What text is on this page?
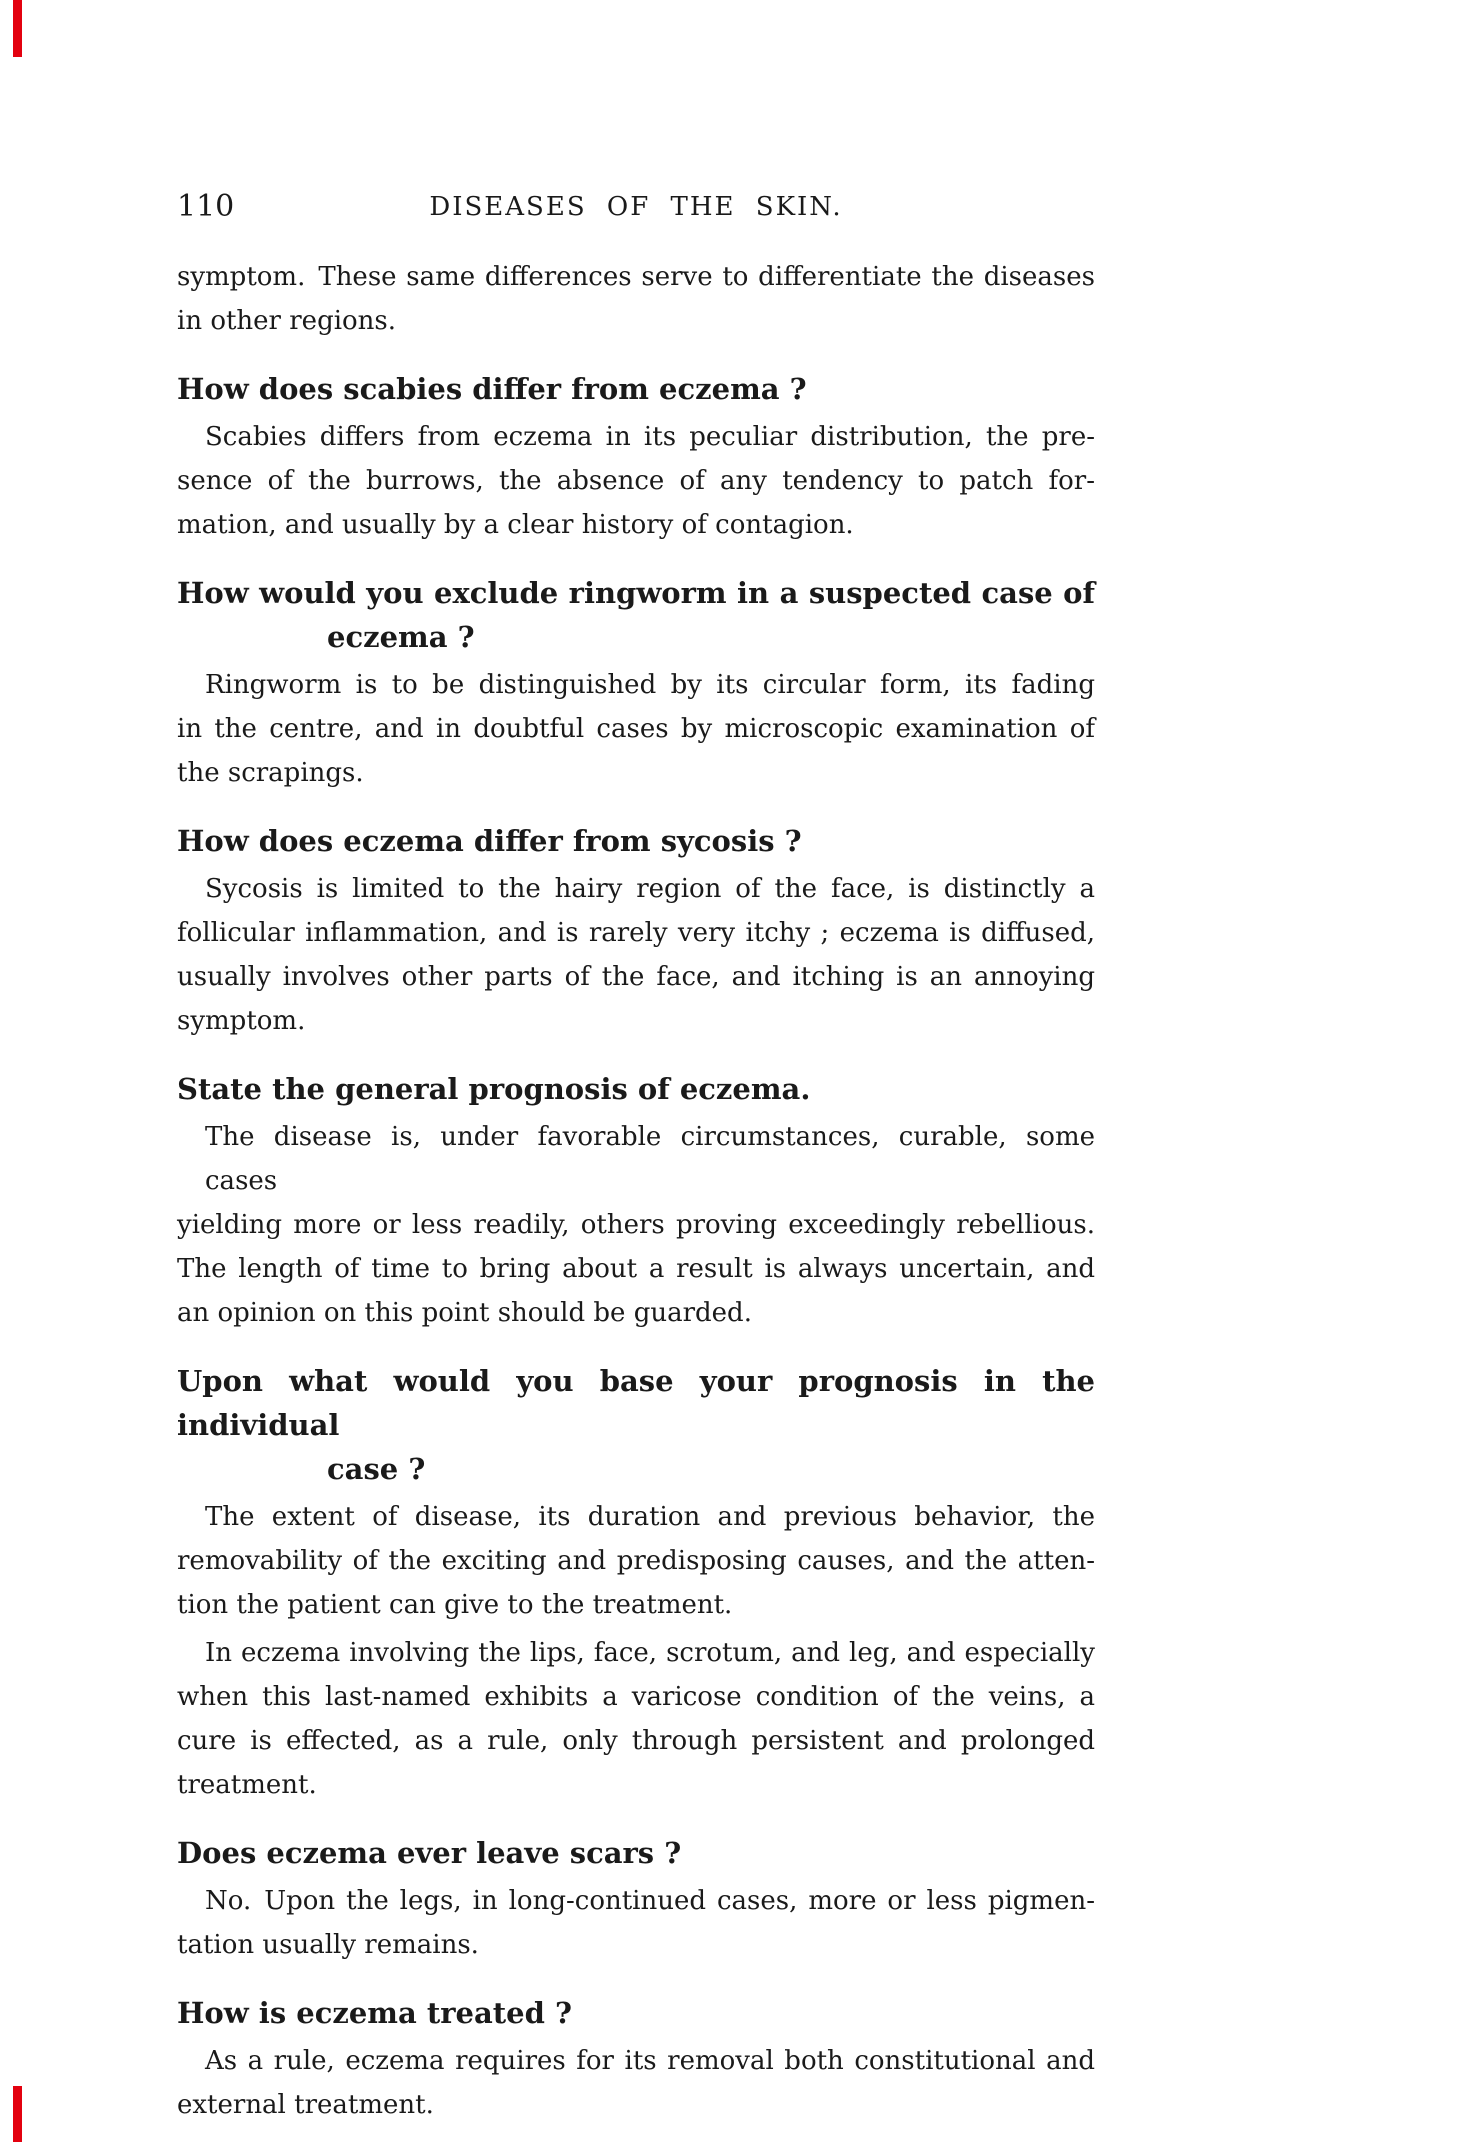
110	DISEASES OF THE SKIN.
symptom. These same differences serve to differentiate the diseases
in other regions.
How does scabies differ from eczema ?
Scabies differs from eczema in its peculiar distribution, the pre-
sence of the burrows, the absence of any tendency to patch for-
mation, and usually by a clear history of contagion.
How would you exclude ringworm in a suspected case of
eczema ?
Ringworm is to be distinguished by its circular form, its fading
in the centre, and in doubtful cases by microscopic examination of
the scrapings.
How does eczema differ from sycosis ?
Sycosis is limited to the hairy region of the face, is distinctly a
follicular inflammation, and is rarely very itchy ; eczema is diffused,
usually involves other parts of the face, and itching is an annoying
symptom.
State the general prognosis of eczema.
The disease is, under favorable circumstances, curable, some cases
yielding more or less readily, others proving exceedingly rebellious.
The length of time to bring about a result is always uncertain, and
an opinion on this point should be guarded.
Upon what would you base your prognosis in the individual
case ?
The extent of disease, its duration and previous behavior, the
removability of the exciting and predisposing causes, and the atten-
tion the patient can give to the treatment.
In eczema involving the lips, face, scrotum, and leg, and especially
when this last-named exhibits a varicose condition of the veins, a
cure is effected, as a rule, only through persistent and prolonged
treatment.
Does eczema ever leave scars ?
No. Upon the legs, in long-continued cases, more or less pigmen-
tation usually remains.
How is eczema treated ?
As a rule, eczema requires for its removal both constitutional and
external treatment.
